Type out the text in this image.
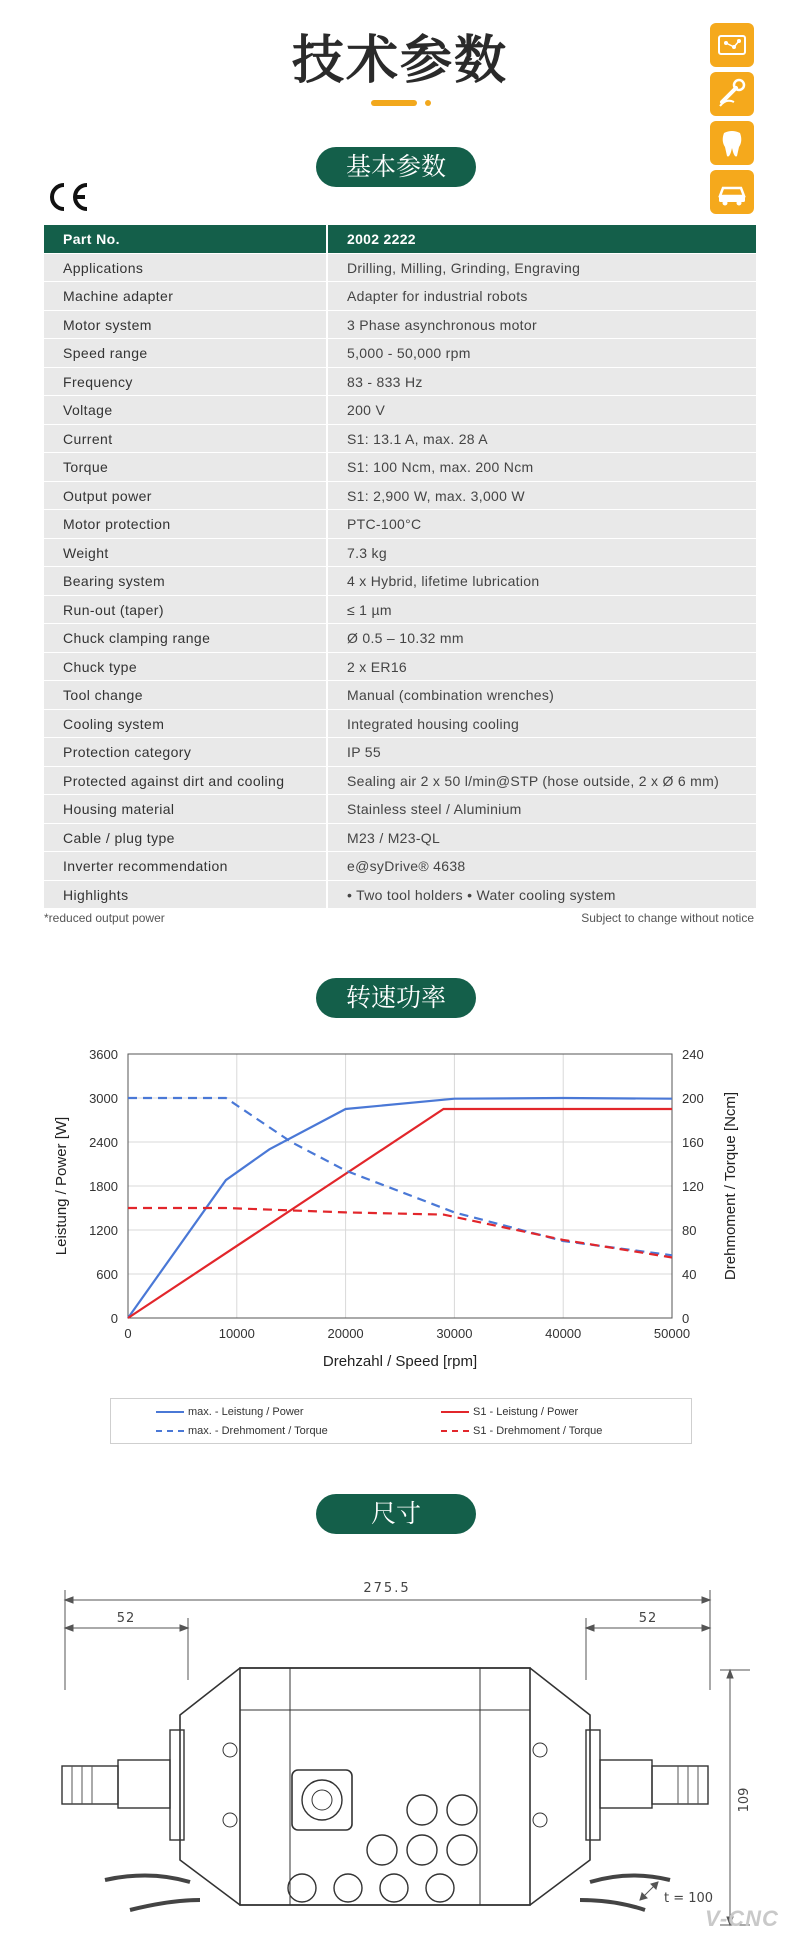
技术参数
基本参数
Part No.	2002 2222
Applications	Drilling, Milling, Grinding, Engraving
Machine adapter	Adapter for industrial robots
Motor system	3 Phase asynchronous motor
Speed range	5,000 - 50,000 rpm
Frequency	83 - 833 Hz
Voltage	200 V
Current	S1: 13.1 A, max. 28 A
Torque	S1: 100 Ncm, max. 200 Ncm
Output power	S1: 2,900 W, max. 3,000 W
Motor protection	PTC-100°C
Weight	7.3 kg
Bearing system	4 x Hybrid, lifetime lubrication
Run-out (taper)	≤ 1 µm
Chuck clamping range	Ø 0.5 – 10.32 mm
Chuck type	2 x ER16
Tool change	Manual (combination wrenches)
Cooling system	Integrated housing cooling
Protection category	IP 55
Protected against dirt and cooling	Sealing air 2 x 50 l/min@STP (hose outside, 2 x Ø 6 mm)
Housing material	Stainless steel / Aluminium
Cable / plug type	M23 / M23-QL
Inverter recommendation	e@syDrive® 4638
Highlights	• Two tool holders • Water cooling system
*reduced output power	Subject to change without notice
转速功率
0
600
1200
1800
2400
3000
3600
0	10000	20000	30000	40000	50000
0
40
80
120
160
200
240
Drehzahl / Speed [rpm]
Leistung / Power [W]	Drehmoment / Torque [Ncm]
max. - Leistung / Power
max. - Drehmoment / Torque
S1 - Leistung / Power
S1 - Drehmoment / Torque
尺寸
275.5
52	52
109
t = 100
V-CNC
